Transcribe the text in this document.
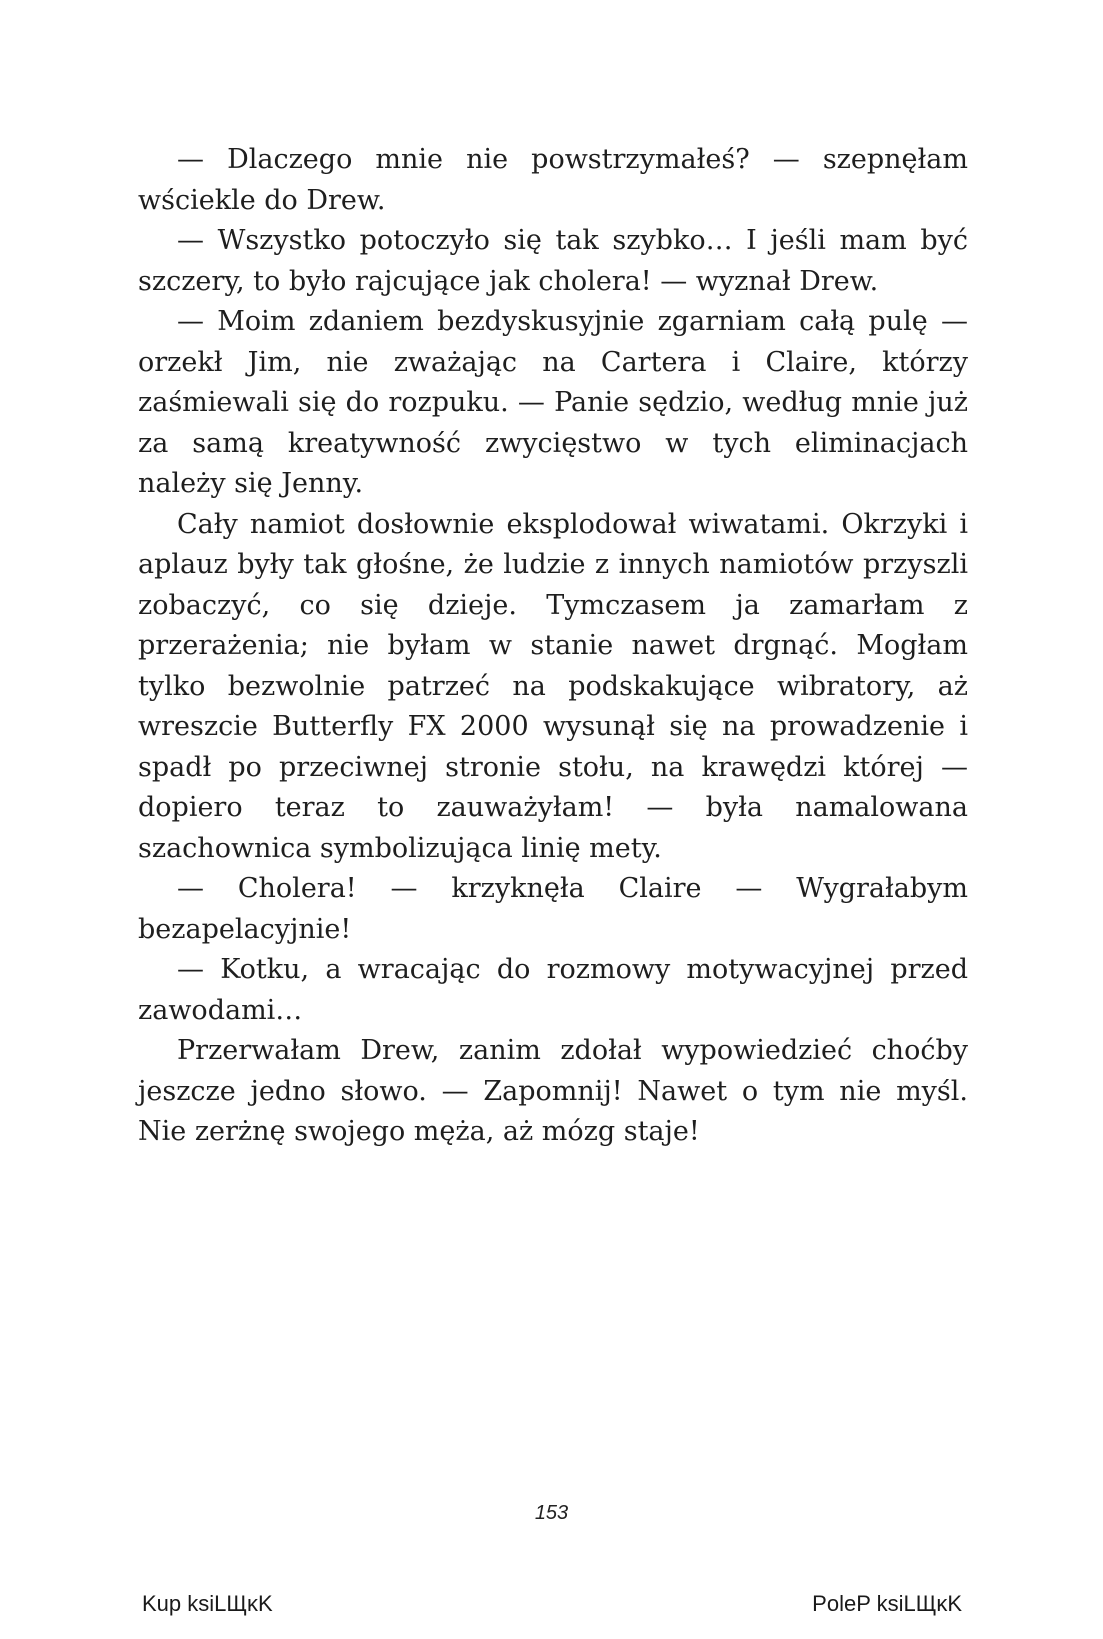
— Dlaczego mnie nie powstrzymałeś? — szepnęłam wściekle do Drew.

— Wszystko potoczyło się tak szybko… I jeśli mam być szczery, to było rajcujące jak cholera! — wyznał Drew.

— Moim zdaniem bezdyskusyjnie zgarniam całą pulę — orzekł Jim, nie zważając na Cartera i Claire, którzy zaśmiewali się do rozpuku. — Panie sędzio, według mnie już za samą kreatywność zwycięstwo w tych eliminacjach należy się Jenny.

Cały namiot dosłownie eksplodował wiwatami. Okrzyki i aplauz były tak głośne, że ludzie z innych namiotów przyszli zobaczyć, co się dzieje. Tymczasem ja zamarłam z przerażenia; nie byłam w stanie nawet drgnąć. Mogłam tylko bezwolnie patrzeć na podskakujące wibratory, aż wreszcie Butterfly FX 2000 wysunął się na prowadzenie i spadł po przeciwnej stronie stołu, na krawędzi której — dopiero teraz to zauważyłam! — była namalowana szachownica symbolizująca linię mety.

— Cholera! — krzyknęła Claire — Wygrałabym bezapelacyjnie!

— Kotku, a wracając do rozmowy motywacyjnej przed zawodami…

Przerwałam Drew, zanim zdołał wypowiedzieć choćby jeszcze jedno słowo. — Zapomnij! Nawet o tym nie myśl. Nie zerżnę swojego męża, aż mózg staje!

153
Kup ksiLЩĸK	PoleP ksiLЩĸK
